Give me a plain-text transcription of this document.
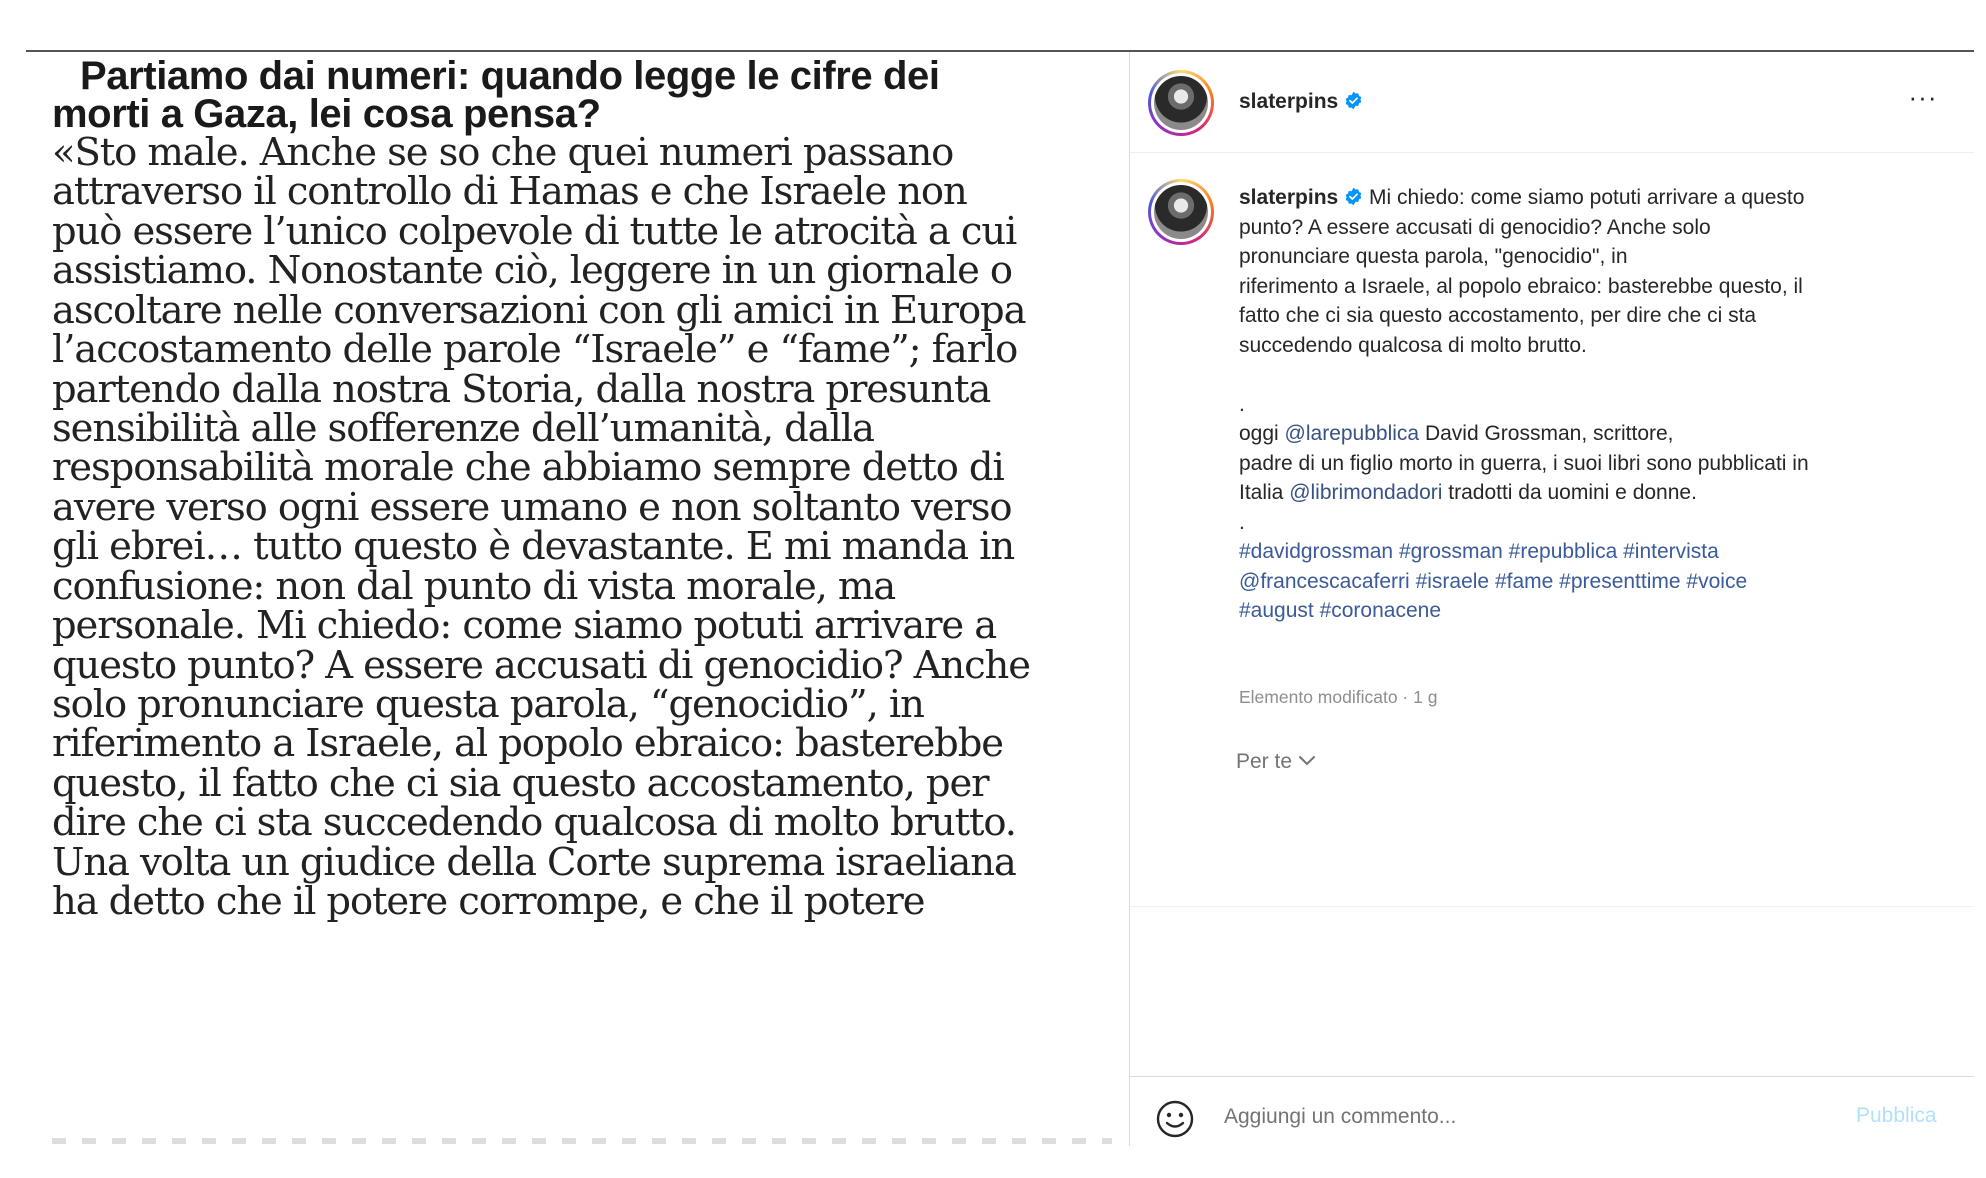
Partiamo dai numeri: quando legge le cifre dei
morti a Gaza, lei cosa pensa?
«Sto male. Anche se so che quei numeri passano
attraverso il controllo di Hamas e che Israele non
può essere l’unico colpevole di tutte le atrocità a cui
assistiamo. Nonostante ciò, leggere in un giornale o
ascoltare nelle conversazioni con gli amici in Europa
l’accostamento delle parole “Israele” e “fame”; farlo
partendo dalla nostra Storia, dalla nostra presunta
sensibilità alle sofferenze dell’umanità, dalla
responsabilità morale che abbiamo sempre detto di
avere verso ogni essere umano e non soltanto verso
gli ebrei… tutto questo è devastante. E mi manda in
confusione: non dal punto di vista morale, ma
personale. Mi chiedo: come siamo potuti arrivare a
questo punto? A essere accusati di genocidio? Anche
solo pronunciare questa parola, “genocidio”, in
riferimento a Israele, al popolo ebraico: basterebbe
questo, il fatto che ci sia questo accostamento, per
dire che ci sta succedendo qualcosa di molto brutto.
Una volta un giudice della Corte suprema israeliana
ha detto che il potere corrompe, e che il potere
slaterpins	···

slaterpins Mi chiedo: come siamo potuti arrivare a questo

punto? A essere accusati di genocidio? Anche solo

pronunciare questa parola, "genocidio", in

riferimento a Israele, al popolo ebraico: basterebbe questo, il

fatto che ci sia questo accostamento, per dire che ci sta

succedendo qualcosa di molto brutto.

.

oggi @larepubblica David Grossman, scrittore,

padre di un figlio morto in guerra, i suoi libri sono pubblicati in

Italia @librimondadori tradotti da uomini e donne.

.

#davidgrossman #grossman #repubblica #intervista

@francescacaferri #israele #fame #presenttime #voice

#august #coronacene

Elemento modificato · 1 g
Per te
Aggiungi un commento...
Pubblica
